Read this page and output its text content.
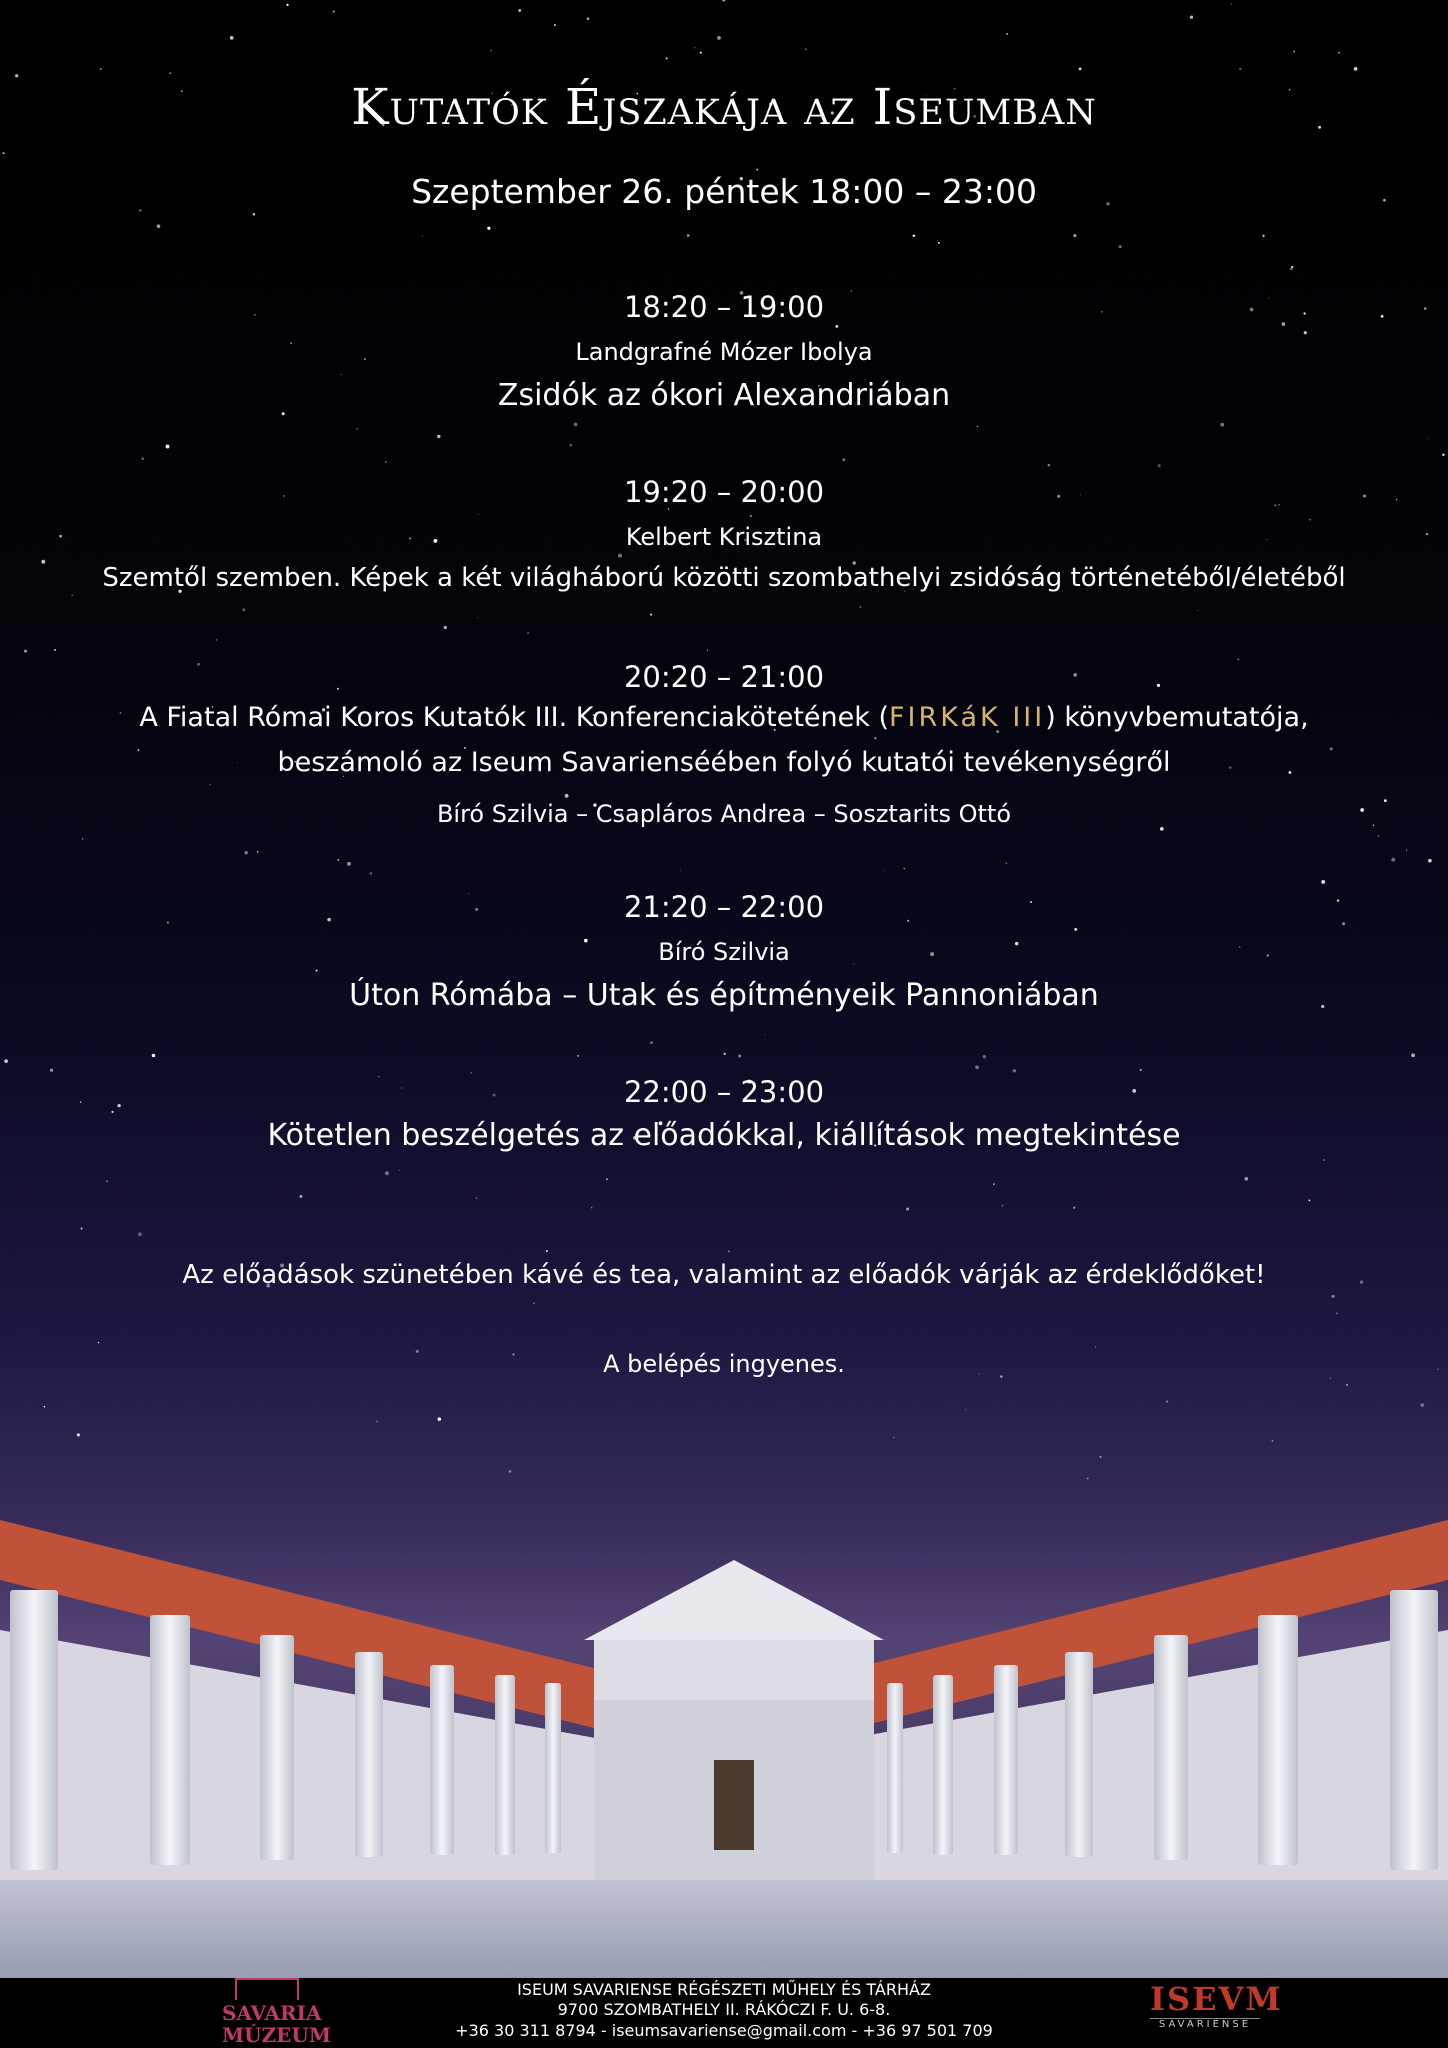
Kutatók Éjszakája az Iseumban
Szeptember 26. péntek 18:00 – 23:00
18:20 – 19:00
Landgrafné Mózer Ibolya
Zsidók az ókori Alexandriában
19:20 – 20:00
Kelbert Krisztina
Szemtől szemben. Képek a két világháború közötti szombathelyi zsidóság történetéből/életéből
20:20 – 21:00
A Fiatal Római Koros Kutatók III. Konferenciakötetének (FIRKáK III) könyvbemutatója,
beszámoló az Iseum Savarienséében folyó kutatói tevékenységről
Bíró Szilvia – Csapláros Andrea – Sosztarits Ottó
21:20 – 22:00
Bíró Szilvia
Úton Rómába – Utak és építményeik Pannoniában
22:00 – 23:00
Kötetlen beszélgetés az előadókkal, kiállítások megtekintése
Az előadások szünetében kávé és tea, valamint az előadók várják az érdeklődőket!
A belépés ingyenes.
SAVARIA
MÚZEUM
ISEUM SAVARIENSE RÉGÉSZETI MŰHELY ÉS TÁRHÁZ
9700 SZOMBATHELY II. RÁKÓCZI F. U. 6-8.
+36 30 311 8794 - iseumsavariense@gmail.com - +36 97 501 709
ISEVM
SAVARIENSE
